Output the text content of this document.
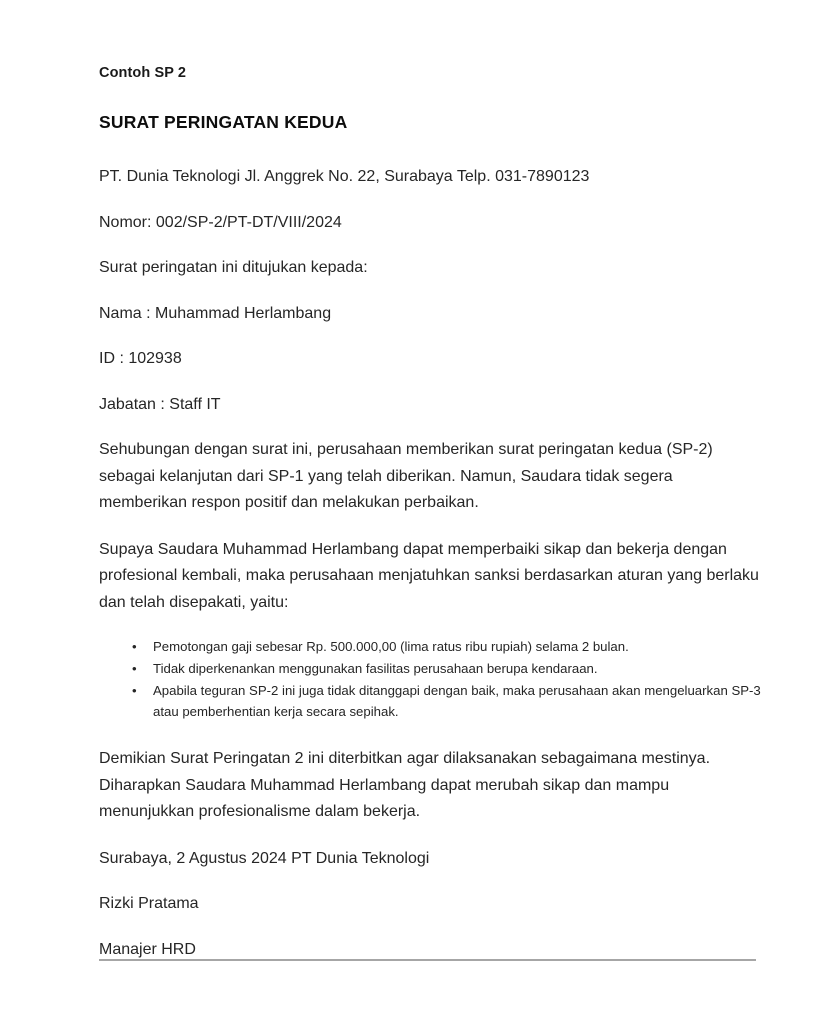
Contoh SP 2

SURAT PERINGATAN KEDUA

PT. Dunia Teknologi Jl. Anggrek No. 22, Surabaya Telp. 031-7890123

Nomor: 002/SP-2/PT-DT/VIII/2024

Surat peringatan ini ditujukan kepada:

Nama : Muhammad Herlambang

ID : 102938

Jabatan : Staff IT

Sehubungan dengan surat ini, perusahaan memberikan surat peringatan kedua (SP-2) sebagai kelanjutan dari SP-1 yang telah diberikan. Namun, Saudara tidak segera memberikan respon positif dan melakukan perbaikan.

Supaya Saudara Muhammad Herlambang dapat memperbaiki sikap dan bekerja dengan profesional kembali, maka perusahaan menjatuhkan sanksi berdasarkan aturan yang berlaku dan telah disepakati, yaitu:

• Pemotongan gaji sebesar Rp. 500.000,00 (lima ratus ribu rupiah) selama 2 bulan.
• Tidak diperkenankan menggunakan fasilitas perusahaan berupa kendaraan.
• Apabila teguran SP-2 ini juga tidak ditanggapi dengan baik, maka perusahaan akan mengeluarkan SP-3 atau pemberhentian kerja secara sepihak.

Demikian Surat Peringatan 2 ini diterbitkan agar dilaksanakan sebagaimana mestinya. Diharapkan Saudara Muhammad Herlambang dapat merubah sikap dan mampu menunjukkan profesionalisme dalam bekerja.

Surabaya, 2 Agustus 2024 PT Dunia Teknologi

Rizki Pratama

Manajer HRD
